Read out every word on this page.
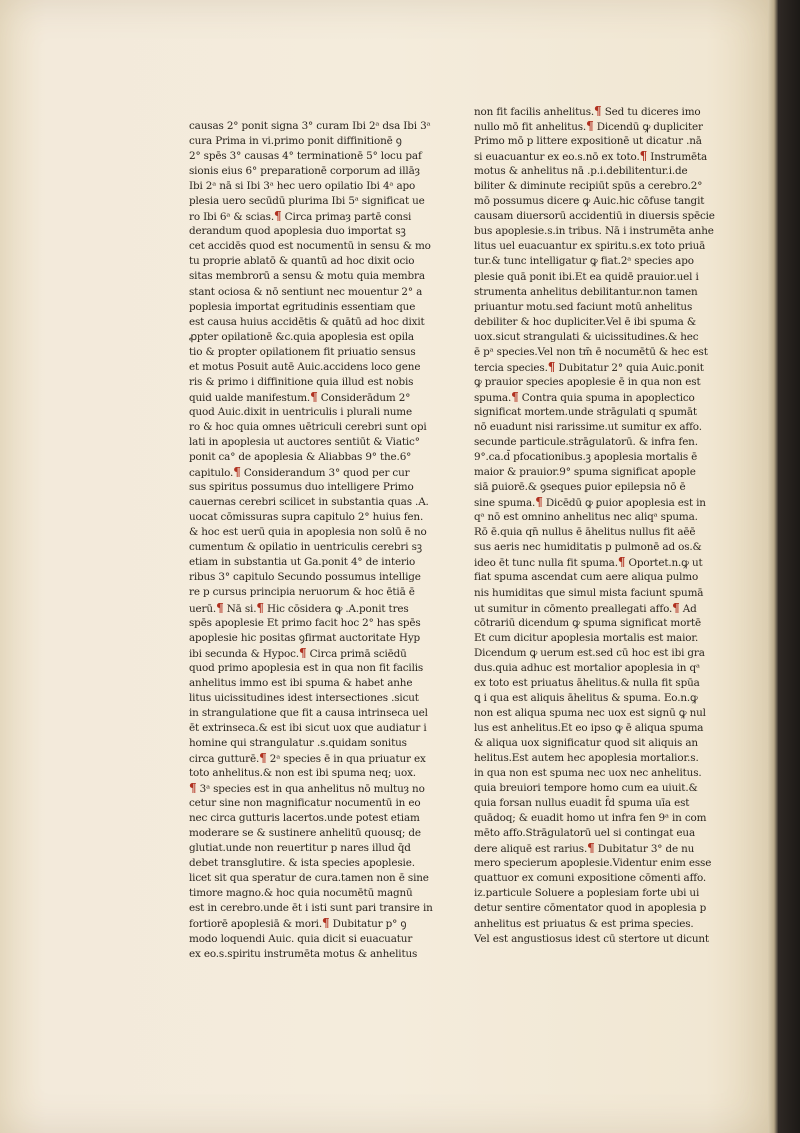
causas 2° ponit signa 3° curam Ibi 2ᵃ dsa Ibi 3ᵃ
cura Prima in vi.primo ponit diffinitionē ꝯ
2° spēs 3° causas 4° terminationē 5° locu paf
sionis eius 6° preparationē corporum ad illāȝ
Ibi 2ᵃ nā si Ibi 3ᵃ hec uero opilatio Ibi 4ᵃ apo
plesia uero secūdū plurima Ibi 5ᵃ significat ue
ro Ibi 6ᵃ & scias.¶ Circa primaȝ partē consi
derandum quod apoplesia duo importat sꝫ
cet accidēs quod est nocumentū in sensu & mo
tu proprie ablatō & quantū ad hoc dixit ocio
sitas membrorū a sensu & motu quia membra
stant ociosa & nō sentiunt nec mouentur 2° a
poplesia importat egritudinis essentiam que
est causa huius accidētis & quātū ad hoc dixit
ꝓpter opilationē &c.quia apoplesia est opila
tio & propter opilationem fit priuatio sensus
et motus Posuit autē Auic.accidens loco gene
ris & primo i diffinitione quia illud est nobis
quid ualde manifestum.¶ Considerādum 2°
quod Auic.dixit in uentriculis i plurali nume
ro & hoc quia omnes uētriculi cerebri sunt opi
lati in apoplesia ut auctores sentiūt & Viatic°
ponit ca° de apoplesia & Aliabbas 9° the.6°
capitulo.¶ Considerandum 3° quod per cur
sus spiritus possumus duo intelligere Primo
cauernas cerebri scilicet in substantia quas .A.
uocat cōmissuras supra capitulo 2° huius fen.
& hoc est uerū quia in apoplesia non solū ē no
cumentum & opilatio in uentriculis cerebri sꝫ
etiam in substantia ut Ga.ponit 4° de interio
ribus 3° capitulo Secundo possumus intellige
re p cursus principia neruorum & hoc ētiā ē
uerū.¶ Nā si.¶ Hic cōsidera ꝙ .A.ponit tres
spēs apoplesie Et primo facit hoc 2° has spēs
apoplesie hic positas ꝯfirmat auctoritate Hyp
ibi secunda & Hypoc.¶ Circa primā sciēdū
quod primo apoplesia est in qua non fit facilis
anhelitus immo est ibi spuma & habet anhe
litus uicissitudines idest intersectiones .sicut
in strangulatione que fit a causa intrinseca uel
ēt extrinseca.& est ibi sicut uox que audiatur i
homine qui strangulatur .s.quidam sonitus
circa gutturē.¶ 2ᵃ species ē in qua priuatur ex
toto anhelitus.& non est ibi spuma neq; uox.
¶ 3ᵃ species est in qua anhelitus nō multuȝ no
cetur sine non magnificatur nocumentū in eo
nec circa gutturis lacertos.unde potest etiam
moderare se & sustinere anhelitū quousq; de
glutiat.unde non reuertitur p nares illud q̄d
debet transglutire. & ista species apoplesie.
licet sit qua speratur de cura.tamen non ē sine
timore magno.& hoc quia nocumētū magnū
est in cerebro.unde ēt i isti sunt pari transire in
fortiorē apoplesiā & mori.¶ Dubitatur p° ꝯ
modo loquendi Auic. quia dicit si euacuatur
ex eo.s.spiritu instrumēta motus & anhelitus
non fit facilis anhelitus.¶ Sed tu diceres imo
nullo mō fit anhelitus.¶ Dicendū ꝙ dupliciter
Primo mō p littere expositionē ut dicatur .nā
si euacuantur ex eo.s.nō ex toto.¶ Instrumēta
motus & anhelitus nā .p.i.debilitentur.i.de
biliter & diminute recipiūt spūs a cerebro.2°
mō possumus dicere ꝙ Auic.hic cōfuse tangit
causam diuersorū accidentiū in diuersis spēcie
bus apoplesie.s.in tribus. Nā i instrumēta anhe
litus uel euacuantur ex spiritu.s.ex toto priuā
tur.& tunc intelligatur ꝙ fiat.2ᵃ species apo
plesie quā ponit ibi.Et ea quidē prauior.uel i
strumenta anhelitus debilitantur.non tamen
priuantur motu.sed faciunt motū anhelitus
debiliter & hoc dupliciter.Vel ē ibi spuma &
uox.sicut strangulati & uicissitudines.& hec
ē pᵃ species.Vel non tm̄ ē nocumētū & hec est
tercia species.¶ Dubitatur 2° quia Auic.ponit
ꝙ prauior species apoplesie ē in qua non est
spuma.¶ Contra quia spuma in apoplectico
significat mortem.unde strāgulati q spumāt
nō euadunt nisi rarissime.ut sumitur ex affo.
secunde particule.strāgulatorū. & infra fen.
9°.ca.d̄ pfocationibus.ꝫ apoplesia mortalis ē
maior & prauior.9° spuma significat apople
siā ꝑuiorē.& ꝯseques ꝑuior epilepsia nō ē
sine spuma.¶ Dicēdū ꝙ ꝑuior apoplesia est in
qᵃ nō est omnino anhelitus nec aliqᵃ spuma.
Rō ē.quia qn̄ nullus ē āhelitus nullus fit aēē
sus aeris nec humiditatis p pulmonē ad os.&
ideo ēt tunc nulla fit spuma.¶ Oportet.n.ꝙ ut
fiat spuma ascendat cum aere aliqua pulmo
nis humiditas que simul mista faciunt spumā
ut sumitur in cōmento preallegati affo.¶ Ad
cōtrariū dicendum ꝙ spuma significat mortē
Et cum dicitur apoplesia mortalis est maior.
Dicendum ꝙ uerum est.sed cū hoc est ibi gra
dus.quia adhuc est mortalior apoplesia in qᵃ
ex toto est priuatus āhelitus.& nulla fit spūa
ꝗ i qua est aliquis āhelitus & spuma. Eo.n.ꝙ
non est aliqua spuma nec uox est signū ꝙ nul
lus est anhelitus.Et eo ipso ꝙ ē aliqua spuma
& aliqua uox significatur quod sit aliquis an
helitus.Est autem hec apoplesia mortalior.s.
in qua non est spuma nec uox nec anhelitus.
quia breuiori tempore homo cum ea uiuit.&
quia forsan nullus euadit f̄d spuma uīa est
quādoq; & euadit homo ut infra fen 9ᵃ in com
mēto affo.Strāgulatorū uel si contingat eua
dere aliquē est rarius.¶ Dubitatur 3° de nu
mero specierum apoplesie.Videntur enim esse
quattuor ex comuni expositione cōmenti affo.
iz.particule Soluere a poplesiam forte ubi ui
detur sentire cōmentator quod in apoplesia p
anhelitus est priuatus & est prima species.
Vel est angustiosus idest cū stertore ut dicunt
